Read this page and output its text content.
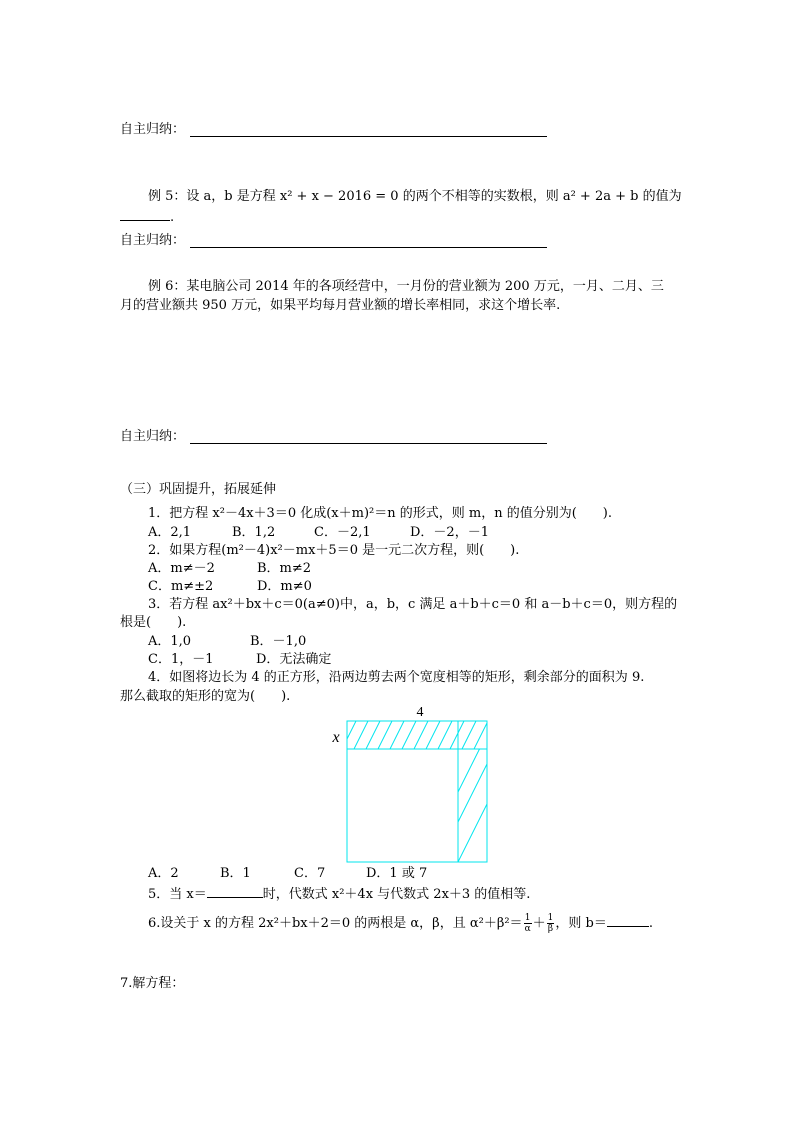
自主归纳：
例 5：设 a，b 是方程 x² + x − 2016 = 0 的两个不相等的实数根，则 a² + 2a + b 的值为
.
自主归纳：
例 6：某电脑公司 2014 年的各项经营中，一月份的营业额为 200 万元，一月、二月、三
月的营业额共 950 万元，如果平均每月营业额的增长率相同，求这个增长率.
自主归纳：
（三）巩固提升，拓展延伸
1．把方程 x²－4x＋3＝0 化成(x＋m)²＝n 的形式，则 m，n 的值分别为(　　).
A．2,1	B．1,2	C．－2,1	D．－2，－1
2．如果方程(m²－4)x²－mx＋5＝0 是一元二次方程，则(　　).
A．m≠－2	B．m≠2
C．m≠±2	D．m≠0
3．若方程 ax²＋bx＋c＝0(a≠0)中，a，b，c 满足 a＋b＋c＝0 和 a－b＋c＝0，则方程的
根是(　　).
A．1,0	B．－1,0
C．1，－1	D．无法确定
4．如图将边长为 4 的正方形，沿两边剪去两个宽度相等的矩形，剩余部分的面积为 9.
那么截取的矩形的宽为(　　).
4
x
A．2	B．1	C．7	D．1 或 7
5．当 x＝	时，代数式 x²＋4x 与代数式 2x＋3 的值相等.
6.设关于 x 的方程 2x²＋bx＋2＝0 的两根是 α，β，且 $\alpha^2+\beta^2= \frac{1}{\alpha} + \frac{1}{\beta}$ ，则 b＝	.
7.解方程：
